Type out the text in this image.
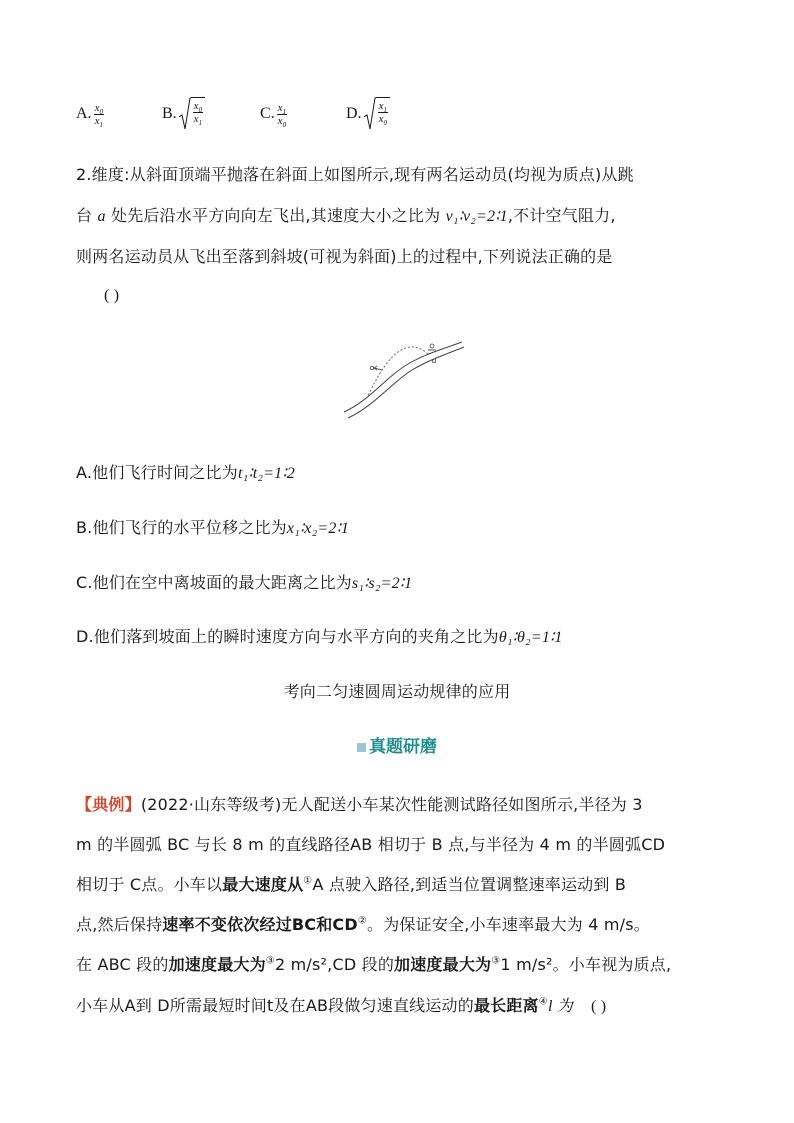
A. $\frac{x_0}{x_1}$	B. $\frac{x_0}{x_1}$	C. $\frac{x_1}{x_0}$	D. $\frac{x_1}{x_0}$
2.维度:从斜面顶端平抛落在斜面上如图所示,现有两名运动员(均视为质点)从跳
台 a 处先后沿水平方向向左飞出,其速度大小之比为 v₁∶v₂=2∶1,不计空气阻力,
则两名运动员从飞出至落到斜坡(可视为斜面)上的过程中,下列说法正确的是
( )
a
A.他们飞行时间之比为t₁∶t₂=1∶2
B.他们飞行的水平位移之比为x₁∶x₂=2∶1
C.他们在空中离坡面的最大距离之比为s₁∶s₂=2∶1
D.他们落到坡面上的瞬时速度方向与水平方向的夹角之比为θ₁∶θ₂=1∶1
考向二匀速圆周运动规律的应用
真题研磨
【典例】(2022·山东等级考)无人配送小车某次性能测试路径如图所示,半径为 3
m 的半圆弧 BC 与长 8 m 的直线路径AB 相切于 B 点,与半径为 4 m 的半圆弧CD
相切于 C点。小车以最大速度从①A 点驶入路径,到适当位置调整速率运动到 B
点,然后保持速率不变依次经过BC和CD②。为保证安全,小车速率最大为 4 m/s。
在 ABC 段的加速度最大为③2 m/s²,CD 段的加速度最大为③1 m/s²。小车视为质点,
小车从A到 D所需最短时间t及在AB段做匀速直线运动的最长距离④l 为 ( )
